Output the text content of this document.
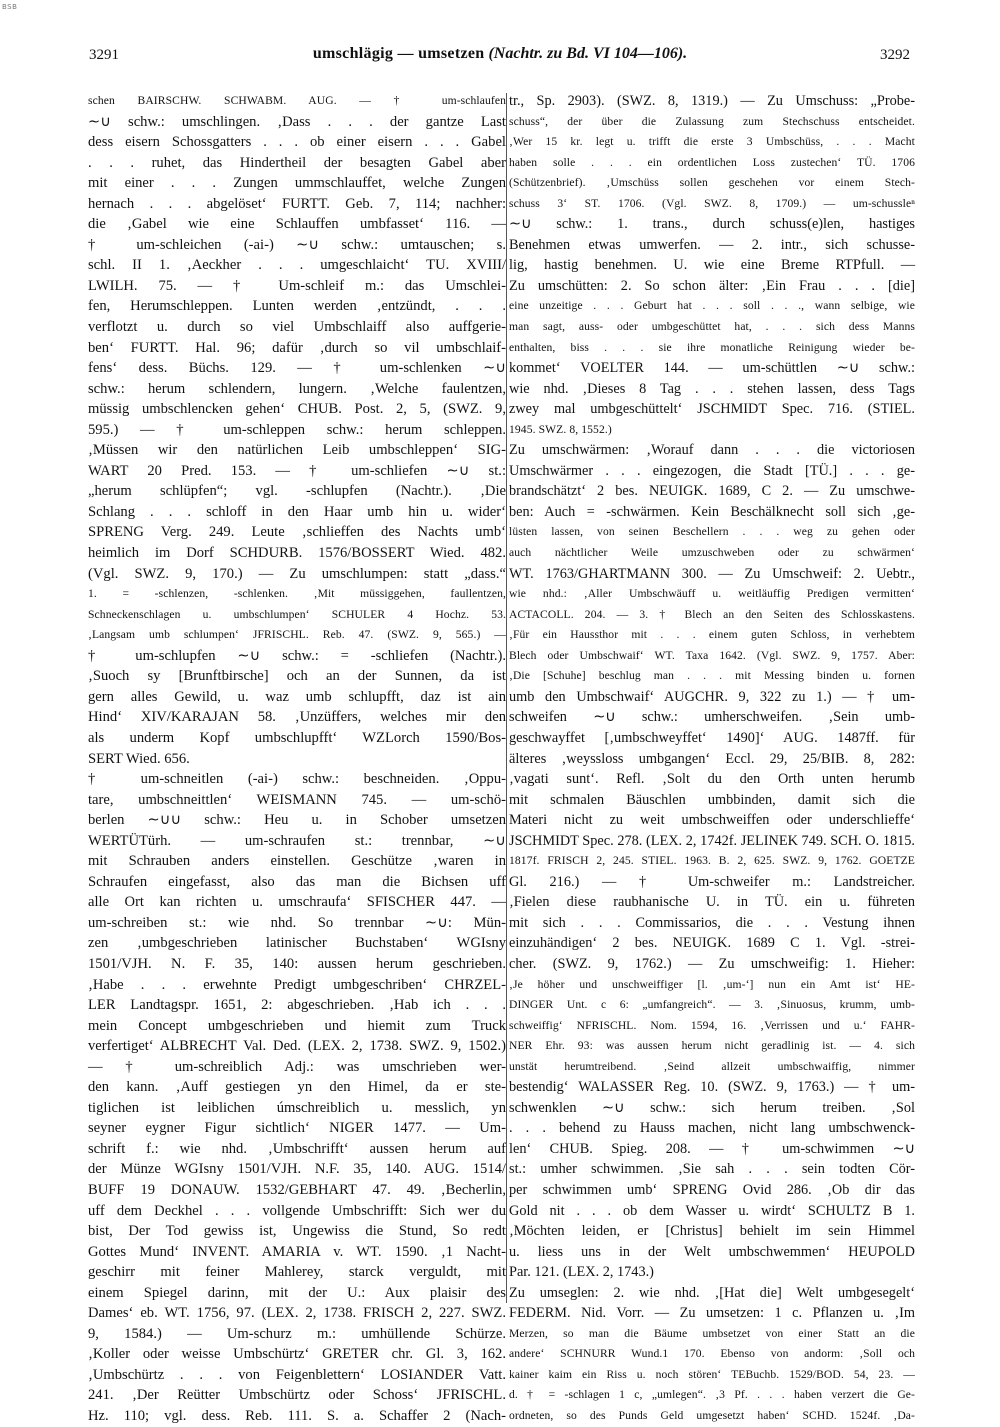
BSB
3291	umschlägig — umsetzen (Nachtr. zu Bd. VI 104—106).	3292
schen BAIRSCHW. SCHWABM. AUG. — † um-schlaufen
∼∪ schw.: umschlingen. ‚Dass . . . der gantze Last
dess eisern Schossgatters . . . ob einer eisern . . . Gabel
. . . ruhet, das Hindertheil der besagten Gabel aber
mit einer . . . Zungen ummschlauffet, welche Zungen
hernach . . . abgelöset‘ FURTT. Geb. 7, 114; nachher:
die ‚Gabel wie eine Schlauffen umbfasset‘ 116. —
† um-schleichen (-ai-) ∼∪ schw.: umtauschen; s.
schl. II 1. ‚Aeckher . . . umgeschlaicht‘ TU. XVIII/
LWILH. 75. — † Um-schleif m.: das Umschlei-
fen, Herumschleppen. Lunten werden ‚entzündt, . . .
verflotzt u. durch so viel Umbschlaiff also auffgerie-
ben‘ FURTT. Hal. 96; dafür ‚durch so vil umbschlaif-
fens‘ dess. Büchs. 129. — † um-schlenken ∼∪
schw.: herum schlendern, lungern. ‚Welche faulentzen,
müssig umbschlencken gehen‘ CHUB. Post. 2, 5, (SWZ. 9,
595.) — † um-schleppen schw.: herum schleppen.
‚Müssen wir den natürlichen Leib umbschleppen‘ SIG-
WART 20 Pred. 153. — † um-schliefen ∼∪ st.:
„herum schlüpfen“; vgl. -schlupfen (Nachtr.). ‚Die
Schlang . . . schloff in den Haar umb hin u. wider‘
SPRENG Verg. 249. Leute ‚schlieffen des Nachts umb‘
heimlich im Dorf SCHDURB. 1576/BOSSERT Wied. 482.
(Vgl. SWZ. 9, 170.) — Zu umschlumpen: statt „dass.“
1. = -schlenzen, -schlenken. ‚Mit müssiggehen, faullentzen,
Schneckenschlagen u. umbschlumpen‘ SCHULER 4 Hochz. 53.
‚Langsam umb schlumpen‘ JFRISCHL. Reb. 47. (SWZ. 9, 565.) —
† um-schlupfen ∼∪ schw.: = -schliefen (Nachtr.).
‚Suoch sy [Brunftbirsche] och an der Sunnen, da ist
gern alles Gewild, u. waz umb schlupfft, daz ist ain
Hind‘ XIV/KARAJAN 58. ‚Unzüffers, welches mir den
als underm Kopf umbschlupfft‘ WZLorch 1590/Bos-
SERT Wied. 656.
† um-schneitlen (-ai-) schw.: beschneiden. ‚Oppu-
tare, umbschneittlen‘ WEISMANN 745. — um-schö-
berlen ∼∪∪ schw.: Heu u. in Schober umsetzen
WERTÜTürh. — um-schraufen st.: trennbar, ∼∪
mit Schrauben anders einstellen. Geschütze ‚waren in
Schraufen eingefasst, also das man die Bichsen uff
alle Ort kan richten u. umschraufa‘ SFISCHER 447. —
um-schreiben st.: wie nhd. So trennbar ∼∪: Mün-
zen ‚umbgeschrieben latinischer Buchstaben‘ WGIsny
1501/VJH. N. F. 35, 140: aussen herum geschrieben.
‚Habe . . . erwehnte Predigt umbgeschriben‘ CHRZEL-
LER Landtagspr. 1651, 2: abgeschrieben. ‚Hab ich . . .
mein Concept umbgeschrieben und hiemit zum Truck
verfertiget‘ ALBRECHT Val. Ded. (LEX. 2, 1738. SWZ. 9, 1502.)
— † um-schreiblich Adj.: was umschrieben wer-
den kann. ‚Auff gestiegen yn den Himel, da er ste-
tiglichen ist leiblichen úmschreiblich u. messlich, yn
seyner eygner Figur sichtlich‘ NIGER 1477. — Um-
schrift f.: wie nhd. ‚Umbschrifft‘ aussen herum auf
der Münze WGIsny 1501/VJH. N.F. 35, 140. AUG. 1514/
BUFF 19 DONAUW. 1532/GEBHART 47. 49. ‚Becherlin,
uff dem Deckhel . . . vollgende Umbschrifft: Sich wer du
bist, Der Tod gewiss ist, Ungewiss die Stund, So redt
Gottes Mund‘ INVENT. AMARIA v. WT. 1590. ‚1 Nacht-
geschirr mit feiner Mahlerey, starck verguldt, mit
einem Spiegel darinn, mit der U.: Aux plaisir des
Dames‘ eb. WT. 1756, 97. (LEX. 2, 1738. FRISCH 2, 227. SWZ.
9, 1584.) — Um-schurz m.: umhüllende Schürze.
‚Koller oder weisse Umbschürtz‘ GRETER chr. Gl. 3, 162.
‚Umbschürtz . . . von Feigenblettern‘ LOSIANDER Vatt.
241. ‚Der Reütter Umbschürtz oder Schoss‘ JFRISCHL.
Hz. 110; vgl. dess. Reb. 111. S. a. Schaffer 2 (Nach-
tr., Sp. 2903). (SWZ. 8, 1319.) — Zu Umschuss: „Probe-
schuss“, der über die Zulassung zum Stechschuss entscheidet.
‚Wer 15 kr. legt u. trifft die erste 3 Umbschüss, . . . Macht
haben solle . . . ein ordentlichen Loss zustechen‘ TÜ. 1706
(Schützenbrief). ‚Umschüss sollen geschehen vor einem Stech-
schuss 3‘ ST. 1706. (Vgl. SWZ. 8, 1709.) — um-schussleⁿ
∼∪ schw.: 1. trans., durch schuss(e)len, hastiges
Benehmen etwas umwerfen. — 2. intr., sich schusse-
lig, hastig benehmen. U. wie eine Breme RTPfull. —
Zu umschütten: 2. So schon älter: ‚Ein Frau . . . [die]
eine unzeitige . . . Geburt hat . . . soll . . ., wann selbige, wie
man sagt, auss- oder umbgeschüttet hat, . . . sich dess Manns
enthalten, biss . . . sie ihre monatliche Reinigung wieder be-
kommet‘ VOELTER 144. — um-schüttlen ∼∪ schw.:
wie nhd. ‚Dieses 8 Tag . . . stehen lassen, dess Tags
zwey mal umbgeschüttelt‘ JSCHMIDT Spec. 716. (STIEL.
1945. SWZ. 8, 1552.)
Zu umschwärmen: ‚Worauf dann . . . die victoriosen
Umschwärmer . . . eingezogen, die Stadt [TÜ.] . . . ge-
brandschätzt‘ 2 bes. NEUIGK. 1689, C 2. — Zu umschwe-
ben: Auch = -schwärmen. Kein Beschälknecht soll sich ‚ge-
lüsten lassen, von seinen Beschellern . . . weg zu gehen oder
auch nächtlicher Weile umzuschweben oder zu schwärmen‘
WT. 1763/GHARTMANN 300. — Zu Umschweif: 2. Uebtr.,
wie nhd.: ‚Aller Umbschwäuff u. weitläuffig Predigen vermitten‘
ACTACOLL. 204. — 3. † Blech an den Seiten des Schlosskastens.
‚Für ein Haussthor mit . . . einem guten Schloss, in verhebtem
Blech oder Umbschwaif‘ WT. Taxa 1642. (Vgl. SWZ. 9, 1757. Aber:
‚Die [Schuhe] beschlug man . . . mit Messing binden u. fornen
umb den Umbschwaif‘ AUGCHR. 9, 322 zu 1.) — † um-
schweifen ∼∪ schw.: umherschweifen. ‚Sein umb-
geschwayffet [‚umbschweyffet‘ 1490]‘ AUG. 1487ff. für
älteres ‚weyssloss umbgangen‘ Eccl. 29, 25/BIB. 8, 282:
‚vagati sunt‘. Refl. ‚Solt du den Orth unten herumb
mit schmalen Bäuschlen umbbinden, damit sich die
Materi nicht zu weit umbschweiffen oder underschlieffe‘
JSCHMIDT Spec. 278. (LEX. 2, 1742f. JELINEK 749. SCH. O. 1815.
1817f. FRISCH 2, 245. STIEL. 1963. B. 2, 625. SWZ. 9, 1762. GOETZE
Gl. 216.) — † Um-schweifer m.: Landstreicher.
‚Fielen diese raubhanische U. in TÜ. ein u. führeten
mit sich . . . Commissarios, die . . . Vestung ihnen
einzuhändigen‘ 2 bes. NEUIGK. 1689 C 1. Vgl. -strei-
cher. (SWZ. 9, 1762.) — Zu umschweifig: 1. Hieher:
‚Je höher und unschweiffiger [l. ‚um-‘] nun ein Amt ist‘ HE-
DINGER Unt. c 6: „umfangreich“. — 3. ‚Sinuosus, krumm, umb-
schweiffig‘ NFRISCHL. Nom. 1594, 16. ‚Verrissen und u.‘ FAHR-
NER Ehr. 93: was aussen herum nicht geradlinig ist. — 4. sich
unstät herumtreibend. ‚Seind allzeit umbschwaiffig, nimmer
bestendig‘ WALASSER Reg. 10. (SWZ. 9, 1763.) — † um-
schwenklen ∼∪ schw.: sich herum treiben. ‚Sol
. . . behend zu Hauss machen, nicht lang umbschwenck-
len‘ CHUB. Spieg. 208. — † um-schwimmen ∼∪
st.: umher schwimmen. ‚Sie sah . . . sein todten Cör-
per schwimmen umb‘ SPRENG Ovid 286. ‚Ob dir das
Gold nit . . . ob dem Wasser u. wirdt‘ SCHULTZ B 1.
‚Möchten leiden, er [Christus] behielt im sein Himmel
u. liess uns in der Welt umbschwemmen‘ HEUPOLD
Par. 121. (LEX. 2, 1743.)
Zu umseglen: 2. wie nhd. ‚[Hat die] Welt umbgesegelt‘
FEDERM. Nid. Vorr. — Zu umsetzen: 1 c. Pflanzen u. ‚Im
Merzen, so man die Bäume umbsetzet von einer Statt an die
andere‘ SCHNURR Wund.1 170. Ebenso von andorm: ‚Soll och
kainer kaim ein Riss u. noch stören‘ TEBuchb. 1529/BOD. 54, 23. —
d. † = -schlagen 1 c, „umlegen“. ‚3 Pf. . . . haben verzert die Ge-
ordneten, so des Punds Geld umgesetzt haben‘ SCHD. 1524f. ‚Da-
